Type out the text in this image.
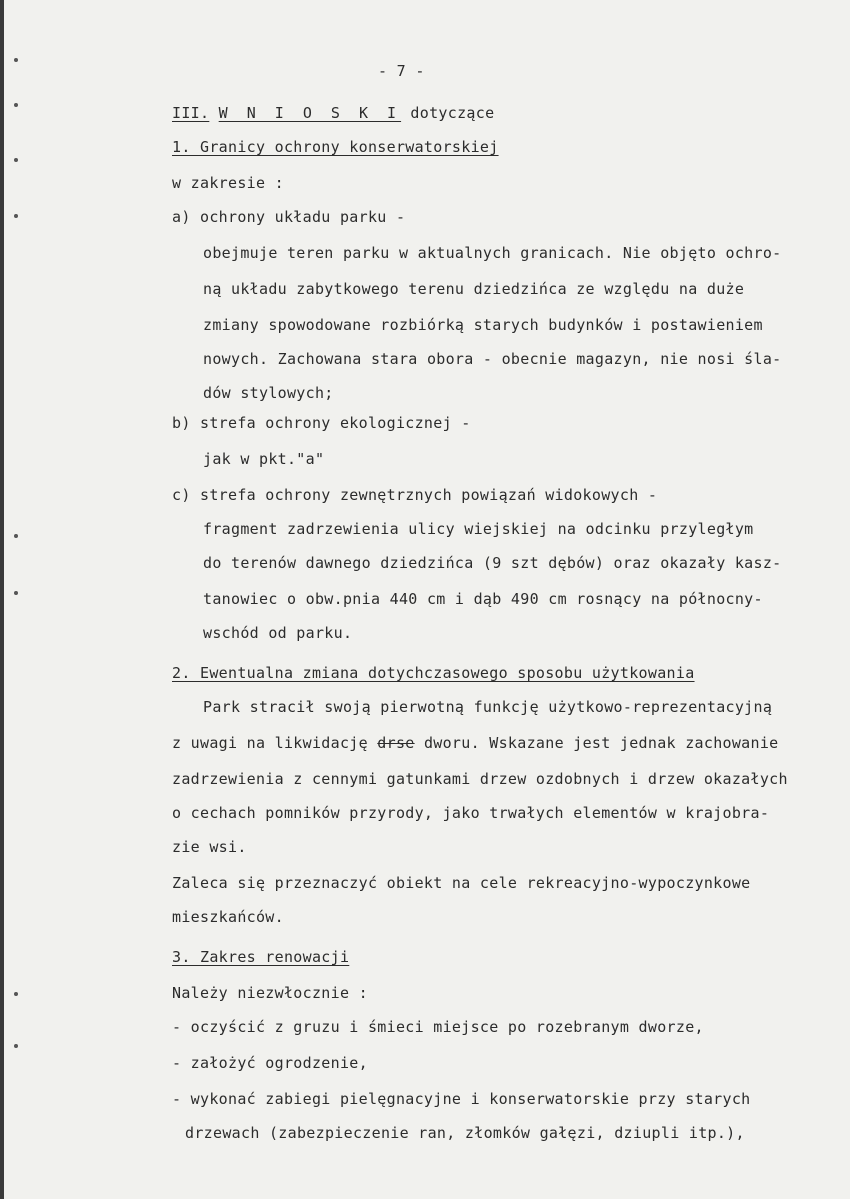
- 7 -
III. W N I O S K I dotyczące
1. Granicy ochrony konserwatorskiej
w zakresie :
a) ochrony układu parku -
obejmuje teren parku w aktualnych granicach. Nie objęto ochro-
ną układu zabytkowego terenu dziedzińca ze względu na duże
zmiany spowodowane rozbiórką starych budynków i postawieniem
nowych. Zachowana stara obora - obecnie magazyn, nie nosi śla-
dów stylowych;
b) strefa ochrony ekologicznej -
jak w pkt."a"
c) strefa ochrony zewnętrznych powiązań widokowych -
fragment zadrzewienia ulicy wiejskiej na odcinku przyległym
do terenów dawnego dziedzińca (9 szt dębów) oraz okazały kasz-
tanowiec o obw.pnia 440 cm i dąb 490 cm rosnący na północny-
wschód od parku.
2. Ewentualna zmiana dotychczasowego sposobu użytkowania
Park stracił swoją pierwotną funkcję użytkowo-reprezentacyjną
z uwagi na likwidację drse dworu. Wskazane jest jednak zachowanie
zadrzewienia z cennymi gatunkami drzew ozdobnych i drzew okazałych
o cechach pomników przyrody, jako trwałych elementów w krajobra-
zie wsi.
Zaleca się przeznaczyć obiekt na cele rekreacyjno-wypoczynkowe
mieszkańców.
3. Zakres renowacji
Należy niezwłocznie :
- oczyścić z gruzu i śmieci miejsce po rozebranym dworze,
- założyć ogrodzenie,
- wykonać zabiegi pielęgnacyjne i konserwatorskie przy starych
drzewach (zabezpieczenie ran, złomków gałęzi, dziupli itp.),
